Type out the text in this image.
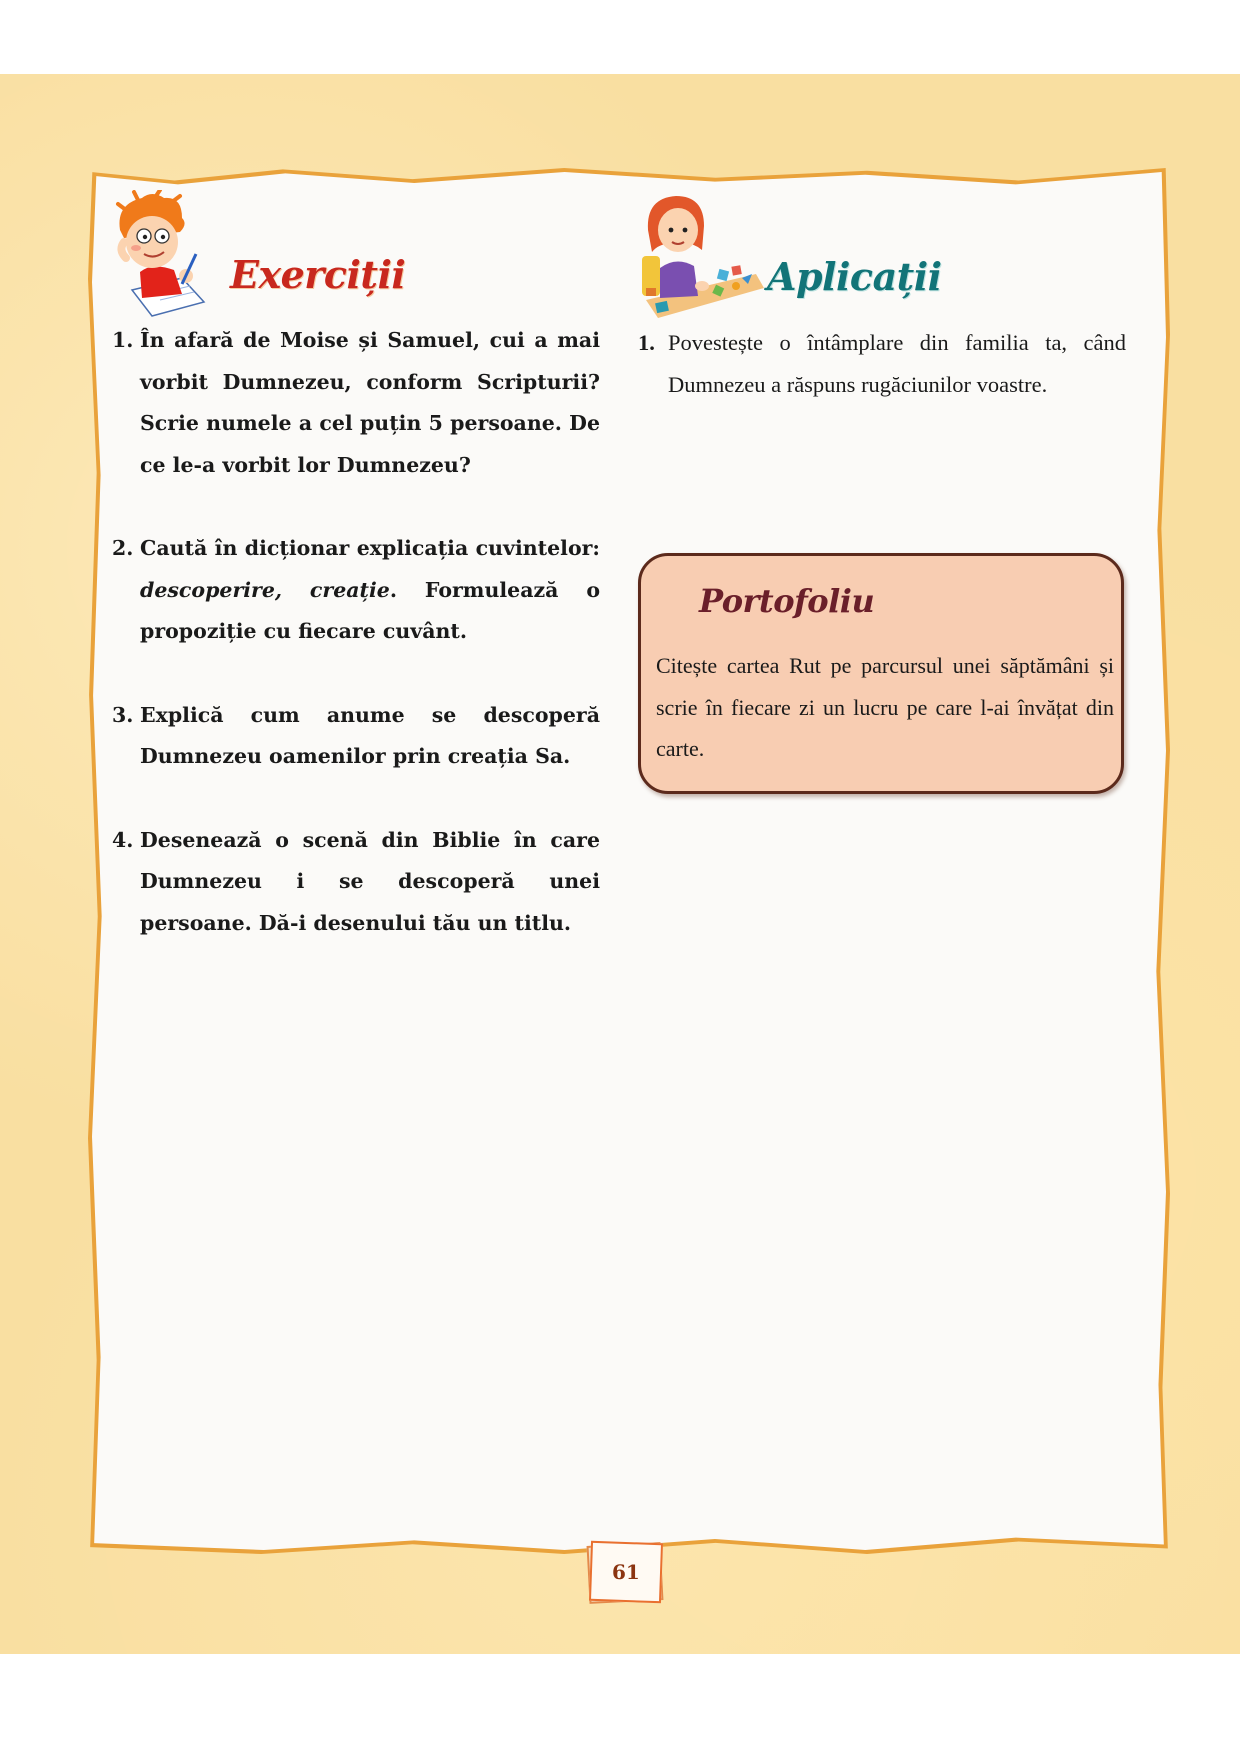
Exerciții	Aplicații
1. În afară de Moise și Samuel, cui a mai vorbit Dumnezeu, conform Scripturii? Scrie numele a cel puțin 5 persoane. De ce le-a vorbit lor Dumnezeu?
2. Caută în dicționar explicația cuvintelor: descoperire, creație. Formulează o propoziție cu fiecare cuvânt.
3. Explică cum anume se descoperă Dumnezeu oamenilor prin creația Sa.
4. Desenează o scenă din Biblie în care Dumnezeu i se descoperă unei persoane. Dă-i desenului tău un titlu.
1. Povestește o întâmplare din familia ta, când Dumnezeu a răspuns rugăciunilor voastre.
Portofoliu
Citește cartea Rut pe parcursul unei săptămâni și scrie în fiecare zi un lucru pe care l-ai învățat din carte.
61
